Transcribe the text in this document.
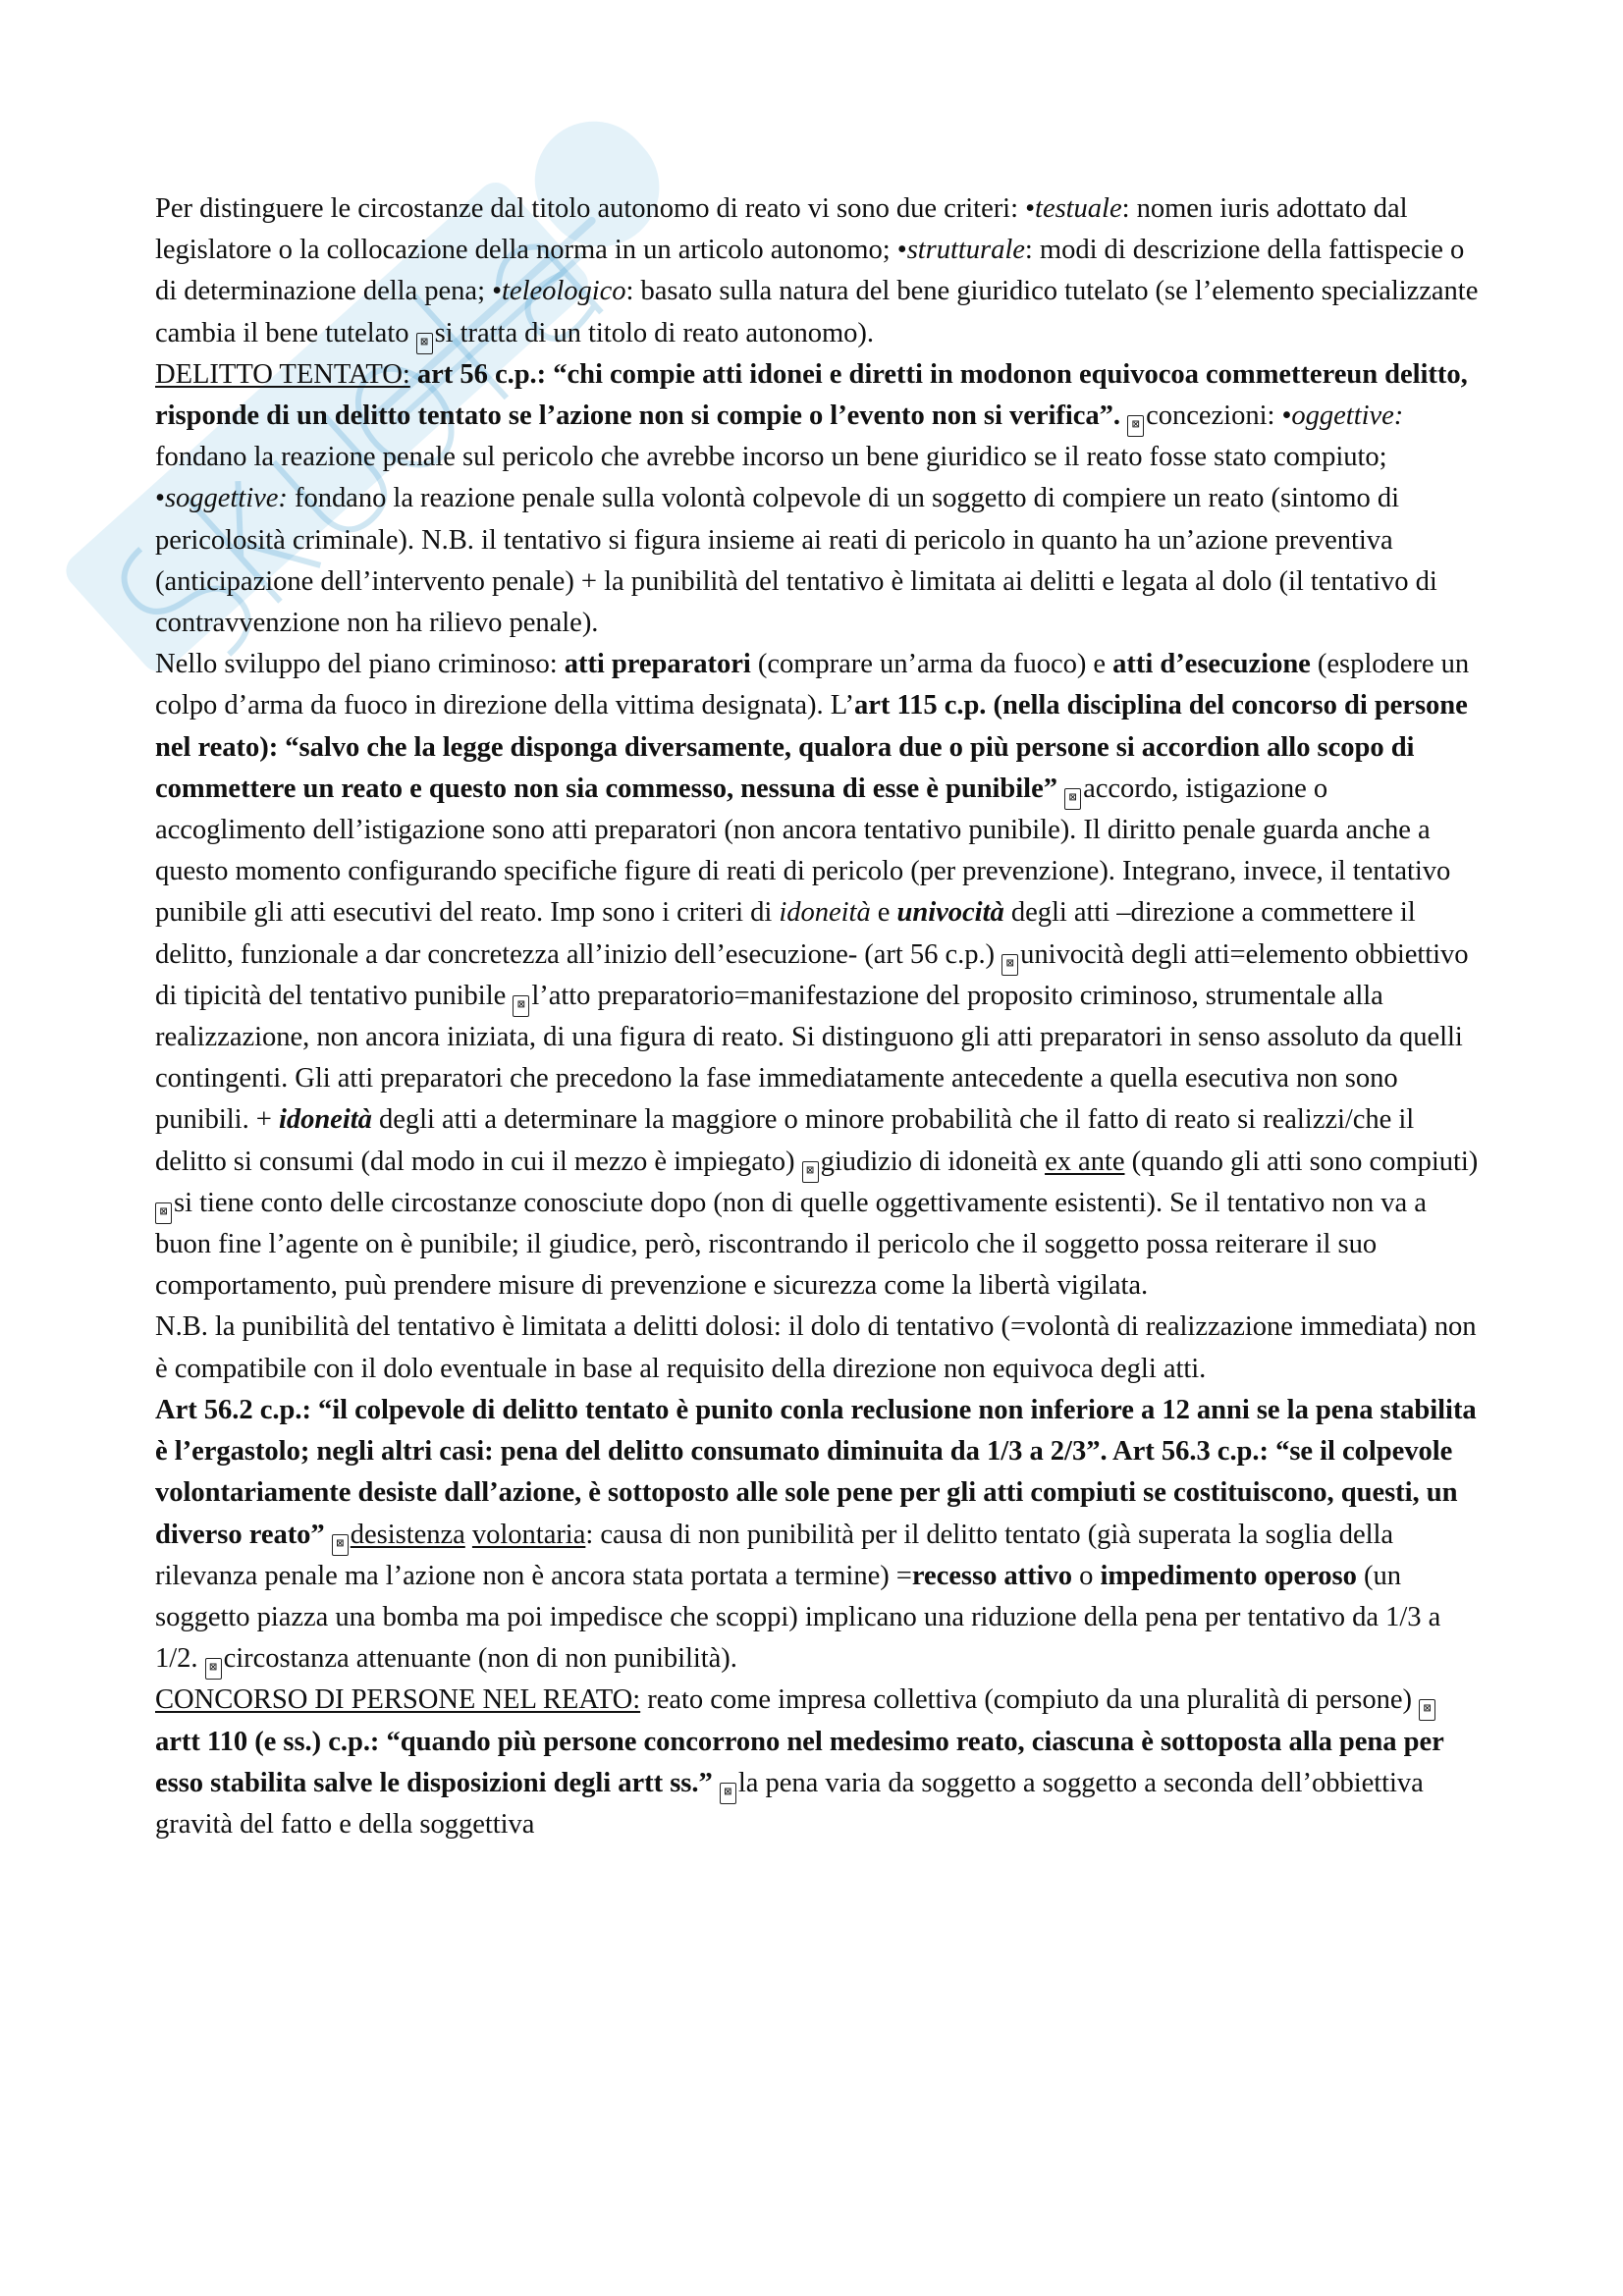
Per distinguere le circostanze dal titolo autonomo di reato vi sono due criteri: •testuale: nomen iuris adottato dal legislatore o la collocazione della norma in un articolo autonomo; •strutturale: modi di descrizione della fattispecie o di determinazione della pena; •teleologico: basato sulla natura del bene giuridico tutelato (se l’elemento specializzante cambia il bene tutelato ⊠ si tratta di un titolo di reato autonomo).

DELITTO TENTATO: art 56 c.p.: “chi compie atti idonei e diretti in modonon equivocoa commettereun delitto, risponde di un delitto tentato se l’azione non si compie o l’evento non si verifica”. ⊠ concezioni: •oggettive: fondano la reazione penale sul pericolo che avrebbe incorso un bene giuridico se il reato fosse stato compiuto; •soggettive: fondano la reazione penale sulla volontà colpevole di un soggetto di compiere un reato (sintomo di pericolosità criminale). N.B. il tentativo si figura insieme ai reati di pericolo in quanto ha un’azione preventiva (anticipazione dell’intervento penale) + la punibilità del tentativo è limitata ai delitti e legata al dolo (il tentativo di contravvenzione non ha rilievo penale).

Nello sviluppo del piano criminoso: atti preparatori (comprare un’arma da fuoco) e atti d’esecuzione (esplodere un colpo d’arma da fuoco in direzione della vittima designata). L’art 115 c.p. (nella disciplina del concorso di persone nel reato): “salvo che la legge disponga diversamente, qualora due o più persone si accordion allo scopo di commettere un reato e questo non sia commesso, nessuna di esse è punibile” ⊠ accordo, istigazione o accoglimento dell’istigazione sono atti preparatori (non ancora tentativo punibile). Il diritto penale guarda anche a questo momento configurando specifiche figure di reati di pericolo (per prevenzione). Integrano, invece, il tentativo punibile gli atti esecutivi del reato. Imp sono i criteri di idoneità e univocità degli atti –direzione a commettere il delitto, funzionale a dar concretezza all’inizio dell’esecuzione- (art 56 c.p.) ⊠ univocità degli atti=elemento obbiettivo di tipicità del tentativo punibile ⊠ l’atto preparatorio=manifestazione del proposito criminoso, strumentale alla realizzazione, non ancora iniziata, di una figura di reato. Si distinguono gli atti preparatori in senso assoluto da quelli contingenti. Gli atti preparatori che precedono la fase immediatamente antecedente a quella esecutiva non sono punibili. + idoneità degli atti a determinare la maggiore o minore probabilità che il fatto di reato si realizzi/che il delitto si consumi (dal modo in cui il mezzo è impiegato) ⊠ giudizio di idoneità ex ante (quando gli atti sono compiuti) ⊠ si tiene conto delle circostanze conosciute dopo (non di quelle oggettivamente esistenti). Se il tentativo non va a buon fine l’agente on è punibile; il giudice, però, riscontrando il pericolo che il soggetto possa reiterare il suo comportamento, puù prendere misure di prevenzione e sicurezza come la libertà vigilata.

N.B. la punibilità del tentativo è limitata a delitti dolosi: il dolo di tentativo (=volontà di realizzazione immediata) non è compatibile con il dolo eventuale in base al requisito della direzione non equivoca degli atti.

Art 56.2 c.p.: “il colpevole di delitto tentato è punito conla reclusione non inferiore a 12 anni se la pena stabilita è l’ergastolo; negli altri casi: pena del delitto consumato diminuita da 1/3 a 2/3”. Art 56.3 c.p.: “se il colpevole volontariamente desiste dall’azione, è sottoposto alle sole pene per gli atti compiuti se costituiscono, questi, un diverso reato” ⊠ desistenza volontaria: causa di non punibilità per il delitto tentato (già superata la soglia della rilevanza penale ma l’azione non è ancora stata portata a termine) =recesso attivo o impedimento operoso (un soggetto piazza una bomba ma poi impedisce che scoppi) implicano una riduzione della pena per tentativo da 1/3 a 1/2. ⊠ circostanza attenuante (non di non punibilità).

CONCORSO DI PERSONE NEL REATO: reato come impresa collettiva (compiuto da una pluralità di persone) ⊠artt 110 (e ss.) c.p.: “quando più persone concorrono nel medesimo reato, ciascuna è sottoposta alla pena per esso stabilita salve le disposizioni degli artt ss.” ⊠ la pena varia da soggetto a soggetto a seconda dell’obbiettiva gravità del fatto e della soggettiva
